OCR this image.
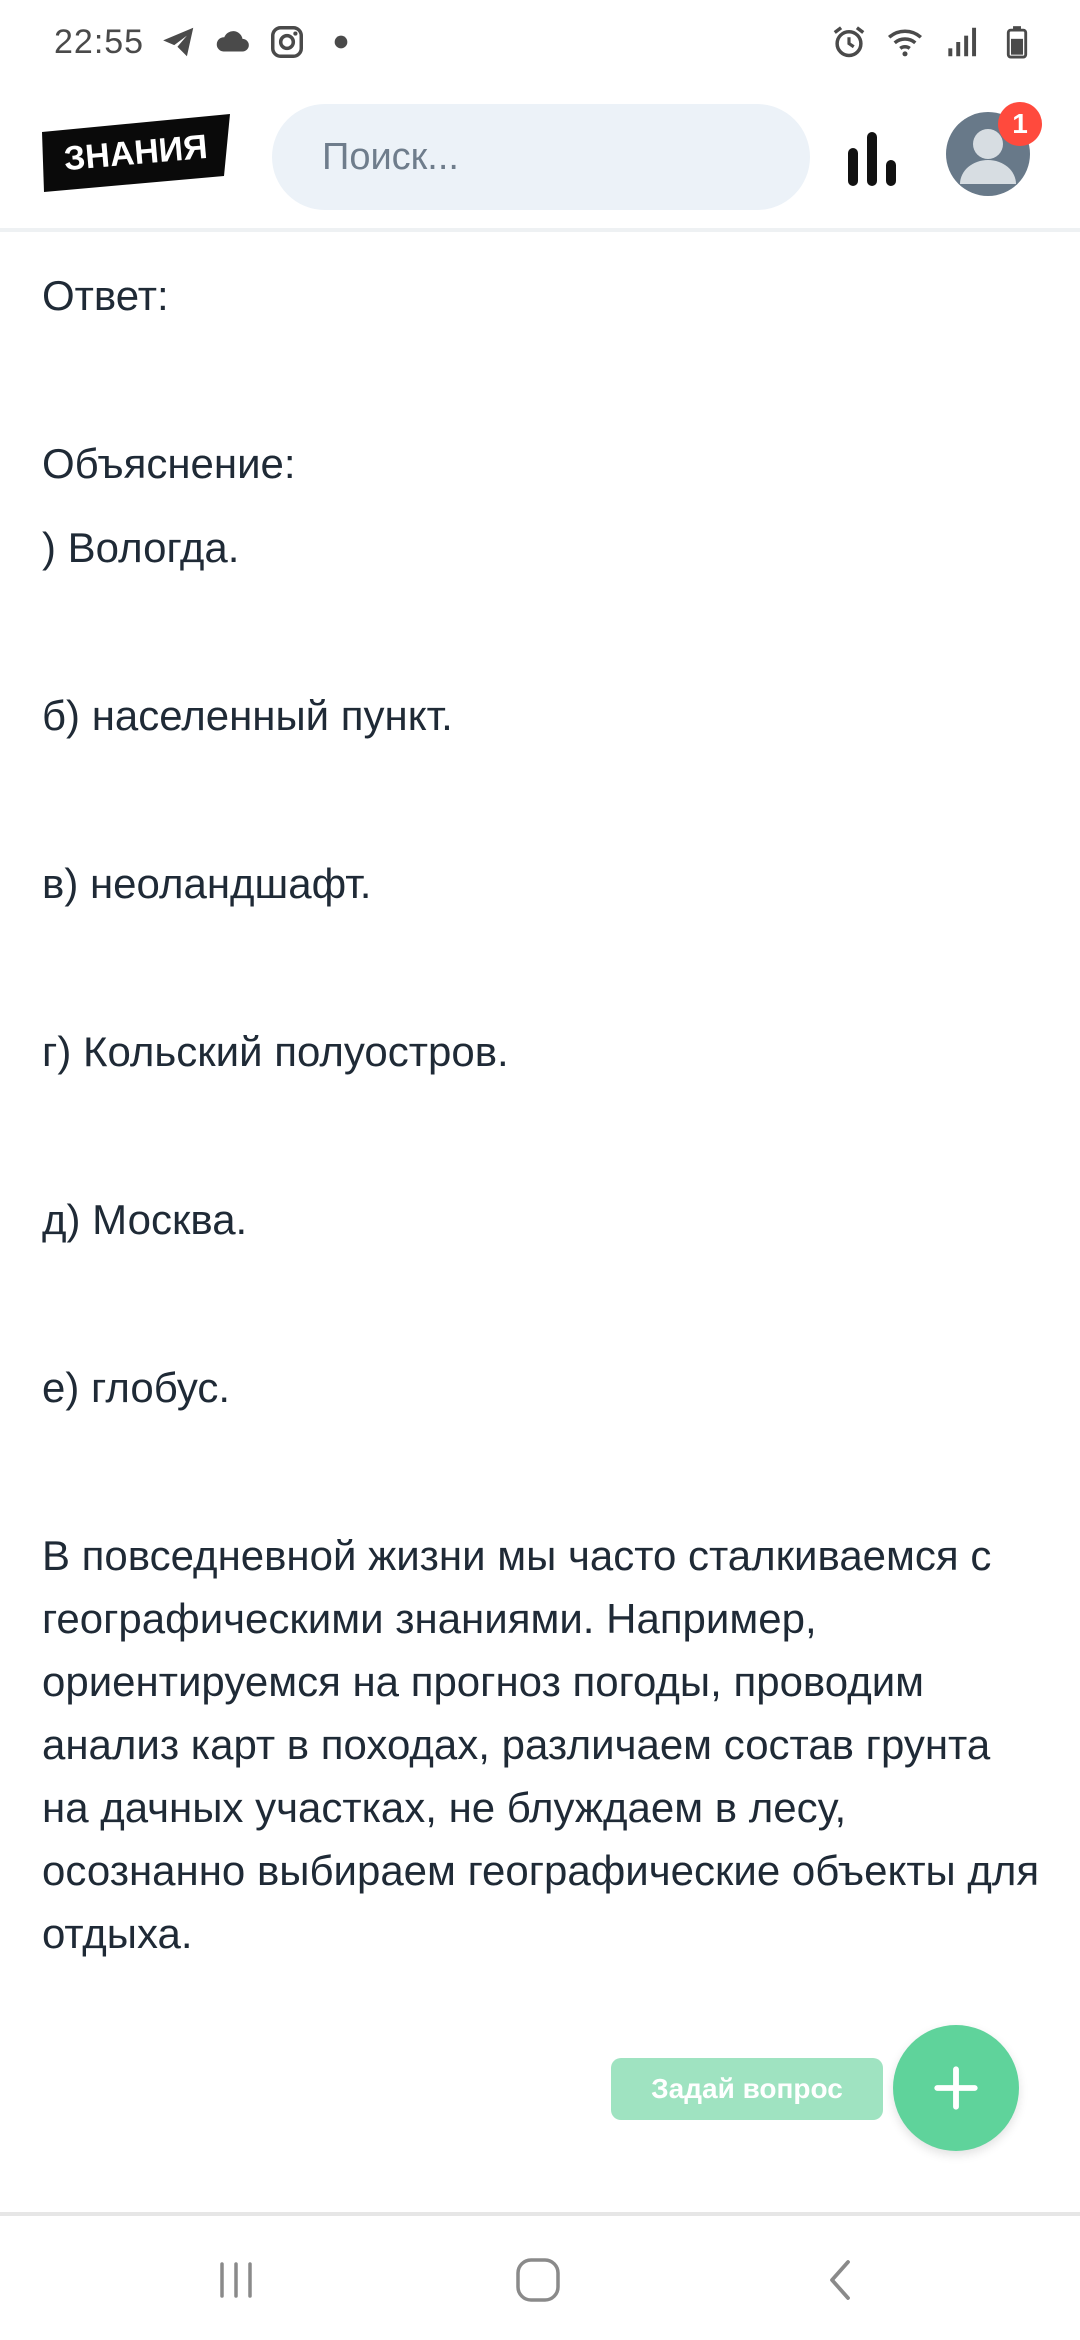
22:55
ЗНАНИЯ
Поиск...
1

Ответ:

Объяснение:

) Вологда.

б) населенный пункт.

в) неоландшафт.

г) Кольский полуостров.

д) Москва.

е) глобус.

В повседневной жизни мы часто сталкиваемся с географическими знаниями. Например, ориентируемся на прогноз погоды, проводим анализ карт в походах, различаем состав грунта на дачных участках, не блуждаем в лесу, осознанно выбираем географические объекты для отдыха.

Задай вопрос
